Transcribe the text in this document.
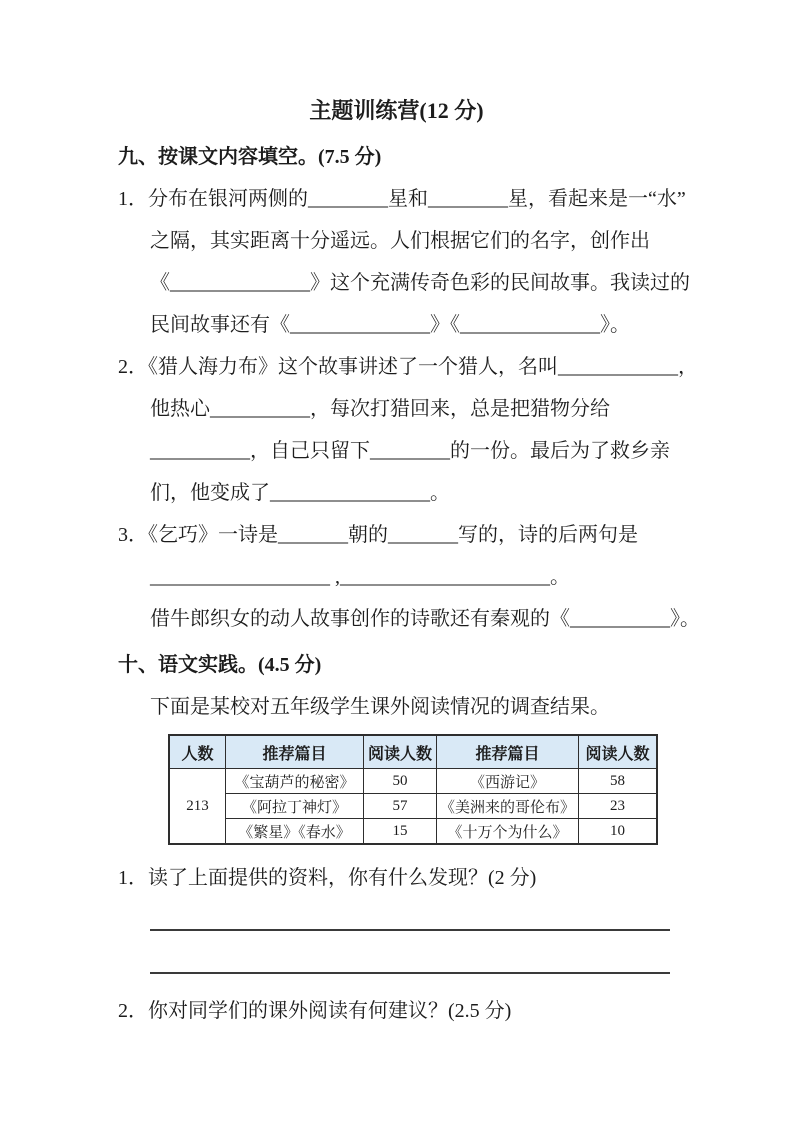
主题训练营(12 分)
九、按课文内容填空。(7.5 分)
1．分布在银河两侧的________星和________星，看起来是一“水”
之隔，其实距离十分遥远。人们根据它们的名字，创作出
《______________》这个充满传奇色彩的民间故事。我读过的
民间故事还有《______________》《______________》。
2．《猎人海力布》这个故事讲述了一个猎人，名叫____________，
他热心__________，每次打猎回来，总是把猎物分给
__________，自己只留下________的一份。最后为了救乡亲
们，他变成了________________。
3．《乞巧》一诗是_______朝的_______写的，诗的后两句是
__________________ ,_____________________。
借牛郎织女的动人故事创作的诗歌还有秦观的《__________》。
十、语文实践。(4.5 分)
下面是某校对五年级学生课外阅读情况的调查结果。
人数	推荐篇目	阅读人数	推荐篇目	阅读人数
213	《宝葫芦的秘密》	50	《西游记》	58
	《阿拉丁神灯》	57	《美洲来的哥伦布》	23
	《繁星》《春水》	15	《十万个为什么》	10
1．读了上面提供的资料，你有什么发现？(2 分)
2．你对同学们的课外阅读有何建议？(2.5 分)
